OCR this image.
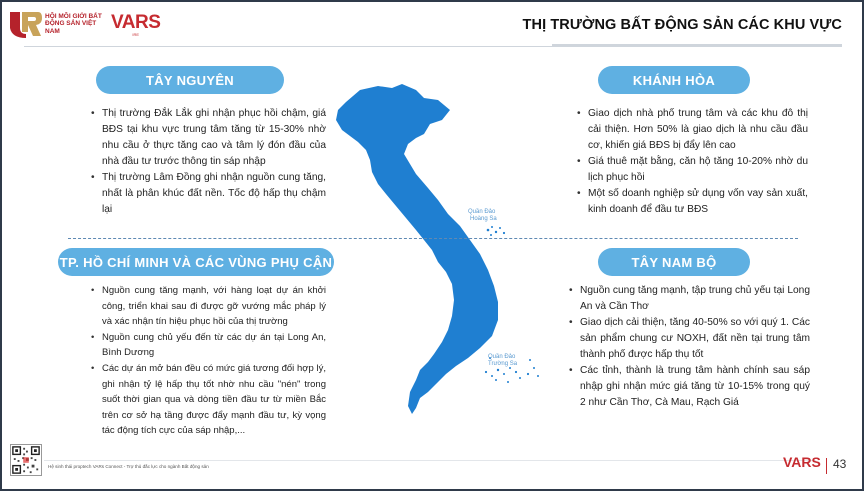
HỘI MÔI GIỚI BẤT ĐỘNG SẢN VIỆT NAM	VARS
IRE
THỊ TRƯỜNG BẤT ĐỘNG SẢN CÁC KHU VỰC
Quần Đảo
Hoàng Sa
Quần Đảo
Trường Sa
TÂY NGUYÊN
• Thị trường Đắk Lắk ghi nhận phục hồi chậm, giá BĐS tại khu vực trung tâm tăng từ 15-30% nhờ nhu cầu ở thực tăng cao và tâm lý đón đầu của nhà đầu tư trước thông tin sáp nhập
• Thị trường Lâm Đồng ghi nhận nguồn cung tăng, nhất là phân khúc đất nền. Tốc độ hấp thụ chậm lại
KHÁNH HÒA
• Giao dịch nhà phố trung tâm và các khu đô thị cải thiện. Hơn 50% là giao dịch là nhu cầu đầu cơ, khiến giá BĐS bị đẩy lên cao
• Giá thuê mặt bằng, căn hộ tăng 10-20% nhờ du lịch phục hồi
• Một số doanh nghiệp sử dụng vốn vay sản xuất, kinh doanh để đầu tư BĐS
TP. HỒ CHÍ MINH VÀ CÁC VÙNG PHỤ CẬN
• Nguồn cung tăng mạnh, với hàng loạt dự án khởi công, triển khai sau đi được gỡ vướng mắc pháp lý và xác nhận tín hiệu phục hồi của thị trường
• Nguồn cung chủ yếu đến từ các dự án tại Long An, Bình Dương
• Các dự án mở bán đều có mức giá tương đối hợp lý, ghi nhận tỷ lệ hấp thụ tốt nhờ nhu cầu "nén" trong suốt thời gian qua và dòng tiền đầu tư từ miền Bắc trên cơ sở hạ tầng được đẩy mạnh đầu tư, kỳ vọng tác động tích cực của sáp nhập,...
TÂY NAM BỘ
• Nguồn cung tăng mạnh, tập trung chủ yếu tại Long An và Cần Thơ
• Giao dịch cải thiện, tăng 40-50% so với quý 1. Các sản phẩm chung cư NOXH, đất nền tại trung tâm thành phố được hấp thụ tốt
• Các tỉnh, thành là trung tâm hành chính sau sáp nhập ghi nhận mức giá tăng từ 10-15% trong quý 2 như Cần Thơ, Cà Mau, Rạch Giá
Hệ sinh thái proptech VARs Connect - Trợ thủ đắc lực cho ngành Bất động sản	VARS 43
